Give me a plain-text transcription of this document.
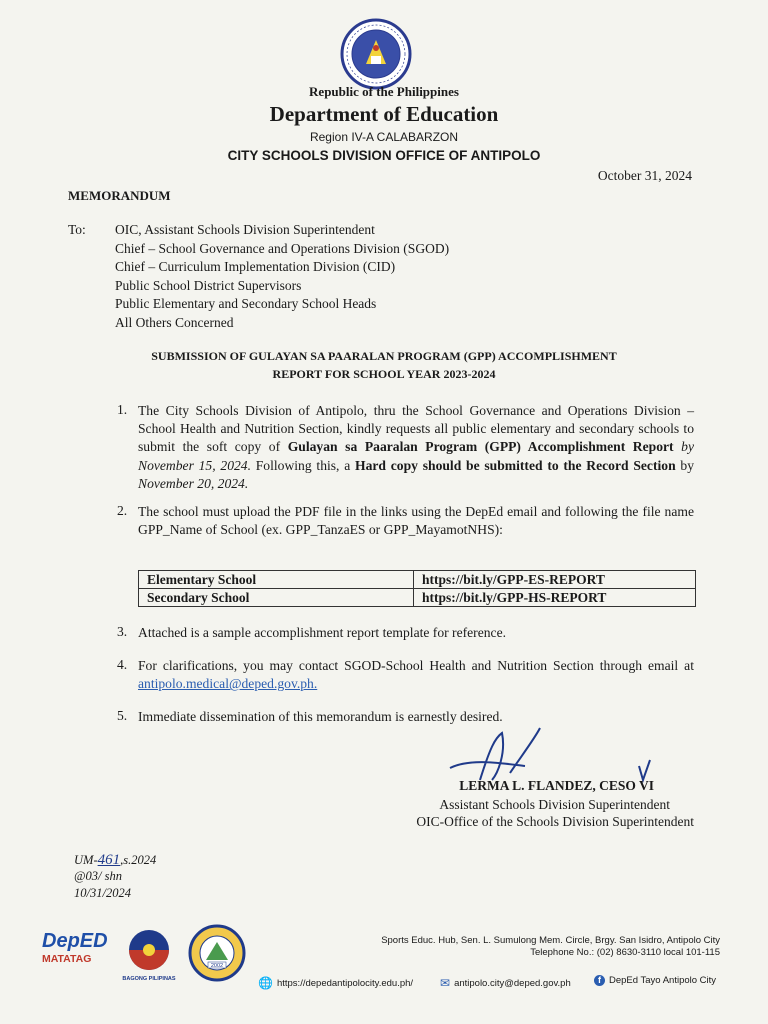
Republic of the Philippines
Department of Education
Region IV-A CALABARZON
CITY SCHOOLS DIVISION OFFICE OF ANTIPOLO
October 31, 2024
MEMORANDUM
To: OIC, Assistant Schools Division Superintendent
Chief – School Governance and Operations Division (SGOD)
Chief – Curriculum Implementation Division (CID)
Public School District Supervisors
Public Elementary and Secondary School Heads
All Others Concerned
SUBMISSION OF GULAYAN SA PAARALAN PROGRAM (GPP) ACCOMPLISHMENT
REPORT FOR SCHOOL YEAR 2023-2024
1. The City Schools Division of Antipolo, thru the School Governance and Operations Division – School Health and Nutrition Section, kindly requests all public elementary and secondary schools to submit the soft copy of Gulayan sa Paaralan Program (GPP) Accomplishment Report by November 15, 2024. Following this, a Hard copy should be submitted to the Record Section by November 20, 2024.
2. The school must upload the PDF file in the links using the DepEd email and following the file name GPP_Name of School (ex. GPP_TanzaES or GPP_MayamotNHS):
Elementary School	https://bit.ly/GPP-ES-REPORT
Secondary School	https://bit.ly/GPP-HS-REPORT
3. Attached is a sample accomplishment report template for reference.
4. For clarifications, you may contact SGOD-School Health and Nutrition Section through email at antipolo.medical@deped.gov.ph.
5. Immediate dissemination of this memorandum is earnestly desired.
LERMA L. FLANDEZ, CESO VI
Assistant Schools Division Superintendent
OIC-Office of the Schools Division Superintendent
UM-461,s.2024
@03/ shn
10/31/2024
DepED
MATATAG
BAGONG PILIPINAS
2002
Sports Educ. Hub, Sen. L. Sumulong Mem. Circle, Brgy. San Isidro, Antipolo City
Telephone No.: (02) 8630-3110 local 101-115
🌐 https://depedantipolocity.edu.ph/ ✉ antipolo.city@deped.gov.ph	f DepEd Tayo Antipolo City
